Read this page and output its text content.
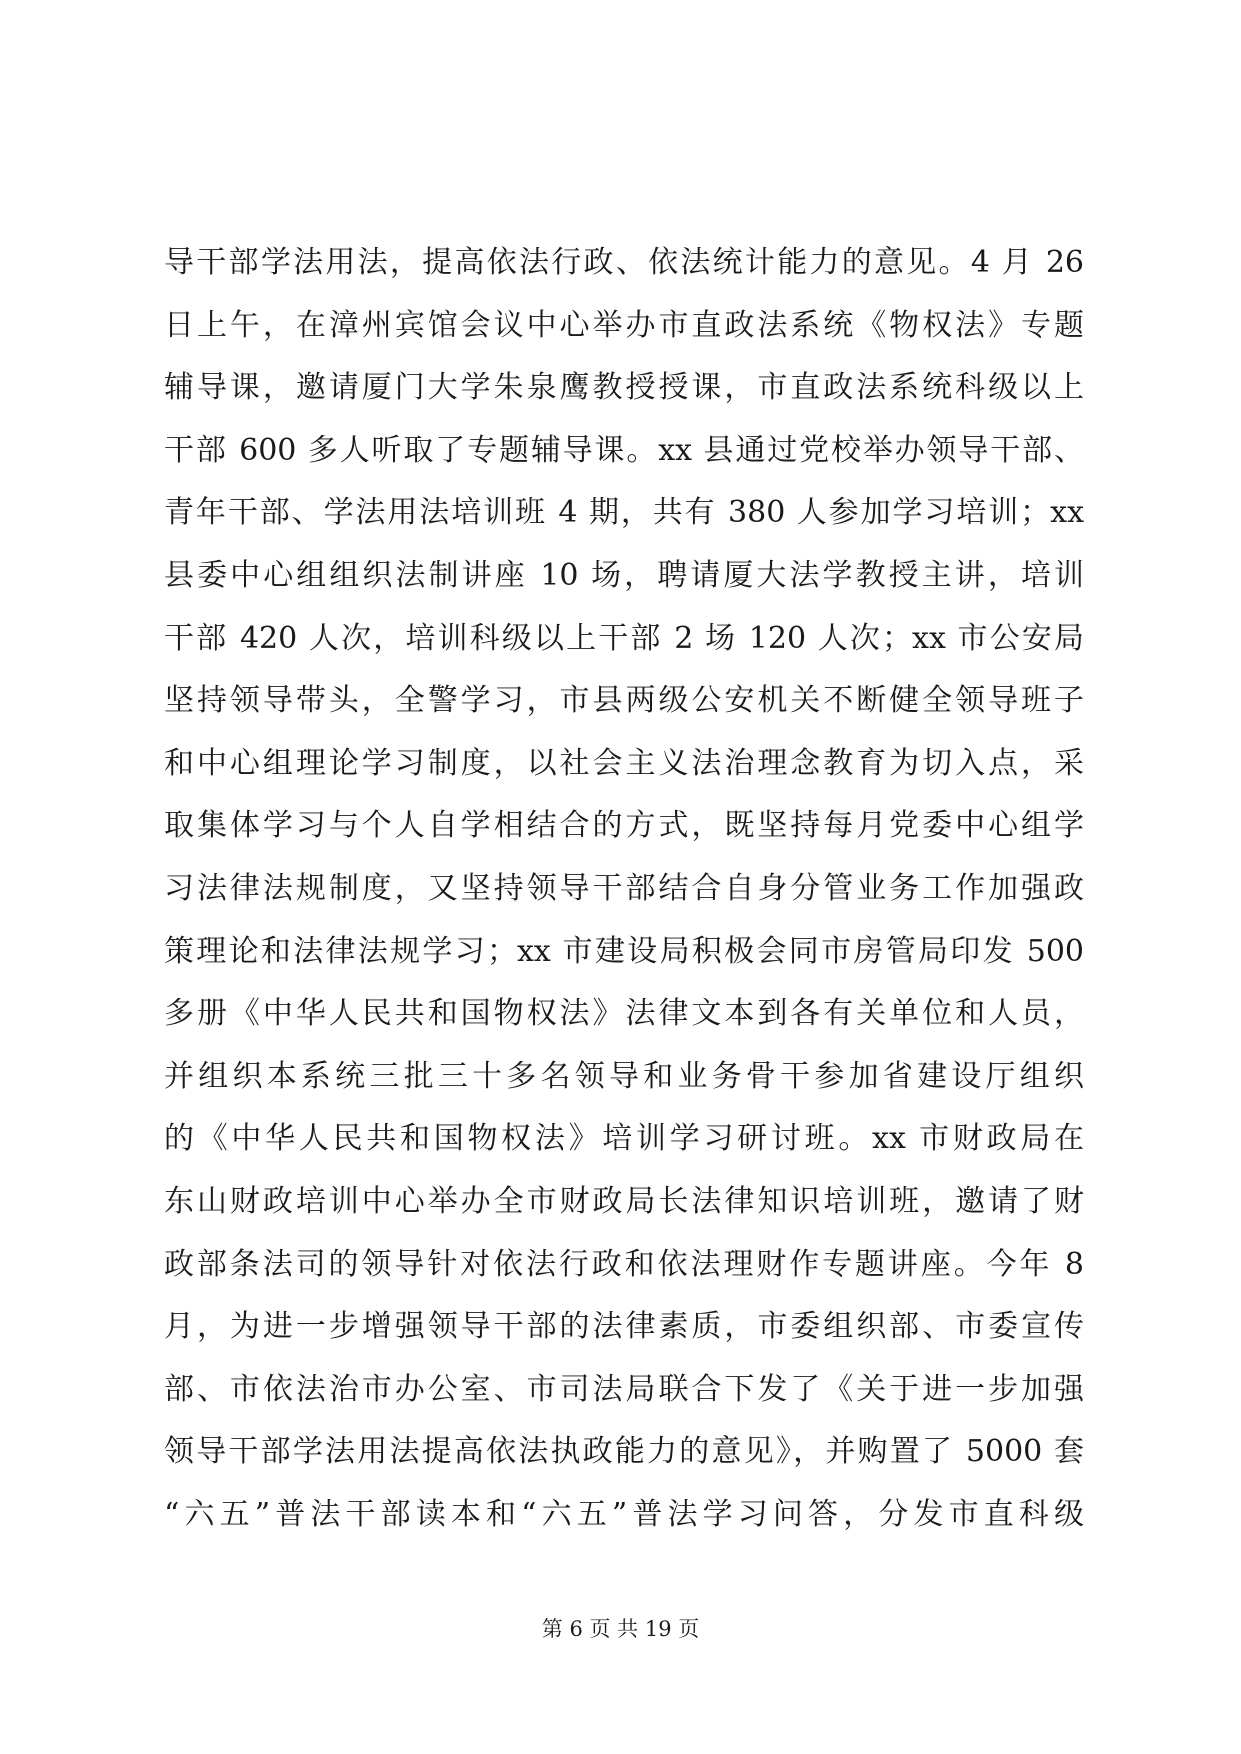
导干部学法用法，提高依法行政、依法统计能力的意见。4 月 26
日上午，在漳州宾馆会议中心举办市直政法系统《物权法》专题
辅导课，邀请厦门大学朱泉鹰教授授课，市直政法系统科级以上
干部 600 多人听取了专题辅导课。xx 县通过党校举办领导干部、
青年干部、学法用法培训班 4 期，共有 380 人参加学习培训；xx
县委中心组组织法制讲座 10 场，聘请厦大法学教授主讲，培训
干部 420 人次，培训科级以上干部 2 场 120 人次；xx 市公安局
坚持领导带头，全警学习，市县两级公安机关不断健全领导班子
和中心组理论学习制度，以社会主义法治理念教育为切入点，采
取集体学习与个人自学相结合的方式，既坚持每月党委中心组学
习法律法规制度，又坚持领导干部结合自身分管业务工作加强政
策理论和法律法规学习；xx 市建设局积极会同市房管局印发 500
多册《中华人民共和国物权法》法律文本到各有关单位和人员，
并组织本系统三批三十多名领导和业务骨干参加省建设厅组织
的《中华人民共和国物权法》培训学习研讨班。xx 市财政局在
东山财政培训中心举办全市财政局长法律知识培训班，邀请了财
政部条法司的领导针对依法行政和依法理财作专题讲座。今年 8
月，为进一步增强领导干部的法律素质，市委组织部、市委宣传
部、市依法治市办公室、市司法局联合下发了《关于进一步加强
领导干部学法用法提高依法执政能力的意见》，并购置了 5000 套
“六五”普法干部读本和“六五”普法学习问答，分发市直科级
第 6 页 共 19 页
